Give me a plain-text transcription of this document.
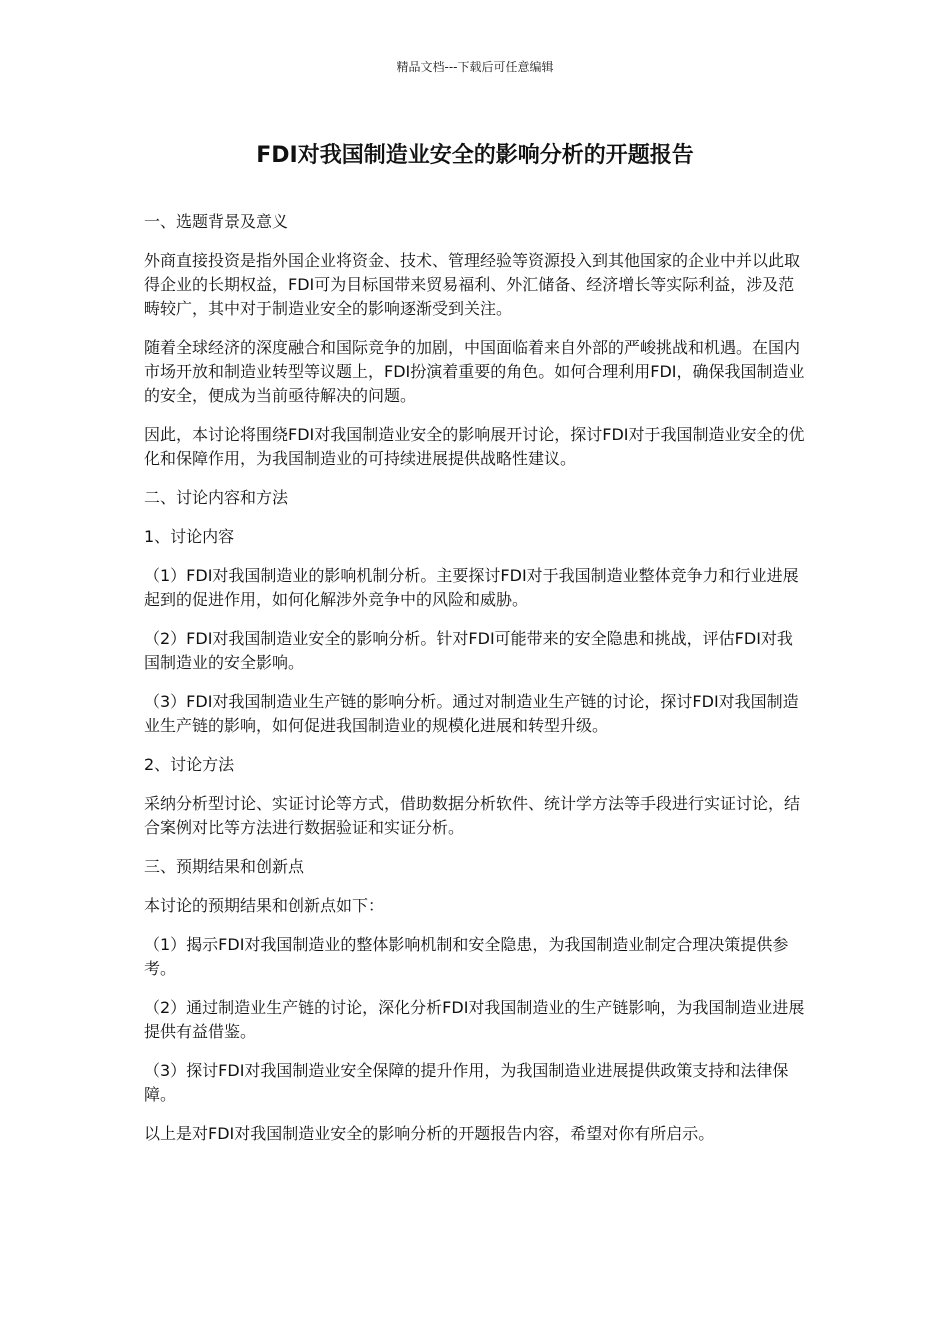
精品文档---下载后可任意编辑
FDI对我国制造业安全的影响分析的开题报告

一、选题背景及意义

外商直接投资是指外国企业将资金、技术、管理经验等资源投入到其他国家的企业中并以此取得企业的长期权益，FDI可为目标国带来贸易福利、外汇储备、经济增长等实际利益，涉及范畴较广，其中对于制造业安全的影响逐渐受到关注。

随着全球经济的深度融合和国际竞争的加剧，中国面临着来自外部的严峻挑战和机遇。在国内市场开放和制造业转型等议题上，FDI扮演着重要的角色。如何合理利用FDI，确保我国制造业的安全，便成为当前亟待解决的问题。

因此，本讨论将围绕FDI对我国制造业安全的影响展开讨论，探讨FDI对于我国制造业安全的优化和保障作用，为我国制造业的可持续进展提供战略性建议。

二、讨论内容和方法

1、讨论内容

（1）FDI对我国制造业的影响机制分析。主要探讨FDI对于我国制造业整体竞争力和行业进展起到的促进作用，如何化解涉外竞争中的风险和威胁。

（2）FDI对我国制造业安全的影响分析。针对FDI可能带来的安全隐患和挑战，评估FDI对我国制造业的安全影响。

（3）FDI对我国制造业生产链的影响分析。通过对制造业生产链的讨论，探讨FDI对我国制造业生产链的影响，如何促进我国制造业的规模化进展和转型升级。

2、讨论方法

采纳分析型讨论、实证讨论等方式，借助数据分析软件、统计学方法等手段进行实证讨论，结合案例对比等方法进行数据验证和实证分析。

三、预期结果和创新点

本讨论的预期结果和创新点如下：

（1）揭示FDI对我国制造业的整体影响机制和安全隐患，为我国制造业制定合理决策提供参考。

（2）通过制造业生产链的讨论，深化分析FDI对我国制造业的生产链影响，为我国制造业进展提供有益借鉴。

（3）探讨FDI对我国制造业安全保障的提升作用，为我国制造业进展提供政策支持和法律保障。

以上是对FDI对我国制造业安全的影响分析的开题报告内容，希望对你有所启示。
